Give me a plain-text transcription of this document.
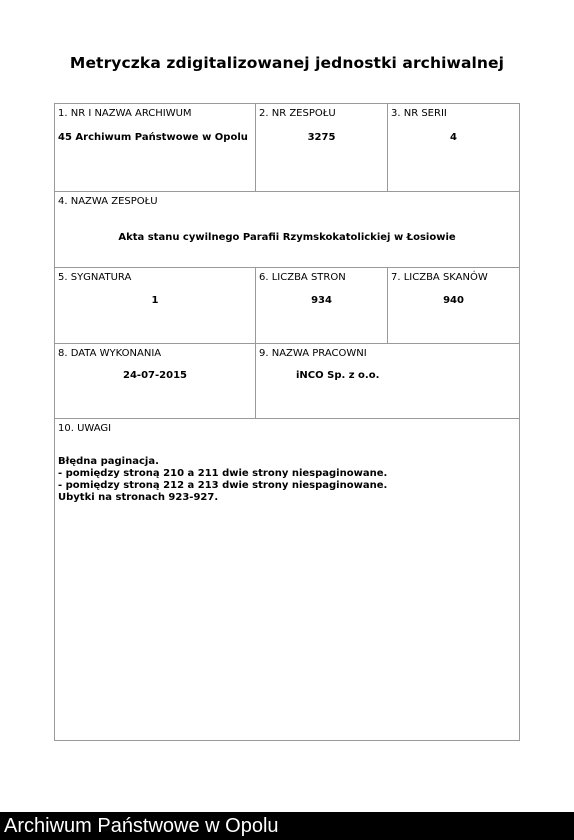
Metryczka zdigitalizowanej jednostki archiwalnej
1. NR I NAZWA ARCHIWUM
45 Archiwum Państwowe w Opolu
2. NR ZESPOŁU
3275
3. NR SERII
4
4. NAZWA ZESPOŁU
Akta stanu cywilnego Parafii Rzymskokatolickiej w Łosiowie
5. SYGNATURA
1
6. LICZBA STRON
934
7. LICZBA SKANÓW
940
8. DATA WYKONANIA
24-07-2015
9. NAZWA PRACOWNI
iNCO Sp. z o.o.
10. UWAGI
Błędna paginacja.
- pomiędzy stroną 210 a 211 dwie strony niespaginowane.
- pomiędzy stroną 212 a 213 dwie strony niespaginowane.
Ubytki na stronach 923-927.
Archiwum Państwowe w Opolu
